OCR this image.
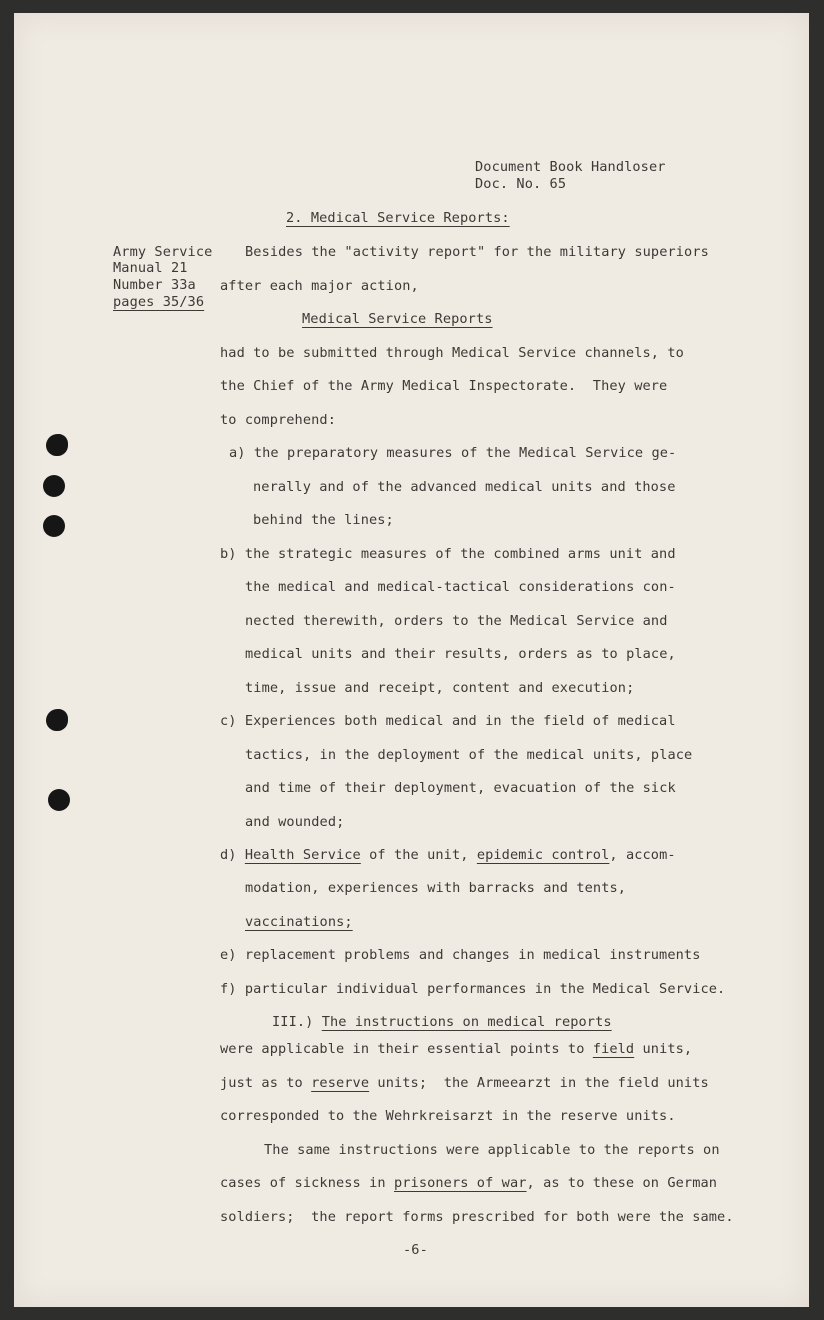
Document Book Handloser
Doc. No. 65
2. Medical Service Reports:
Army Service
Manual 21
Number 33a
pages 35/36
Besides the "activity report" for the military superiors
after each major action,
Medical Service Reports
had to be submitted through Medical Service channels, to
the Chief of the Army Medical Inspectorate.  They were
to comprehend:
a) the preparatory measures of the Medical Service ge-
nerally and of the advanced medical units and those
behind the lines;
b) the strategic measures of the combined arms unit and
the medical and medical-tactical considerations con-
nected therewith, orders to the Medical Service and
medical units and their results, orders as to place,
time, issue and receipt, content and execution;
c) Experiences both medical and in the field of medical
tactics, in the deployment of the medical units, place
and time of their deployment, evacuation of the sick
and wounded;
d) Health Service of the unit, epidemic control, accom-
modation, experiences with barracks and tents,
vaccinations;
e) replacement problems and changes in medical instruments
f) particular individual performances in the Medical Service.
III.) The instructions on medical reports
were applicable in their essential points to field units,
just as to reserve units;  the Armeearzt in the field units
corresponded to the Wehrkreisarzt in the reserve units.
The same instructions were applicable to the reports on
cases of sickness in prisoners of war, as to these on German
soldiers;  the report forms prescribed for both were the same.
-6-
